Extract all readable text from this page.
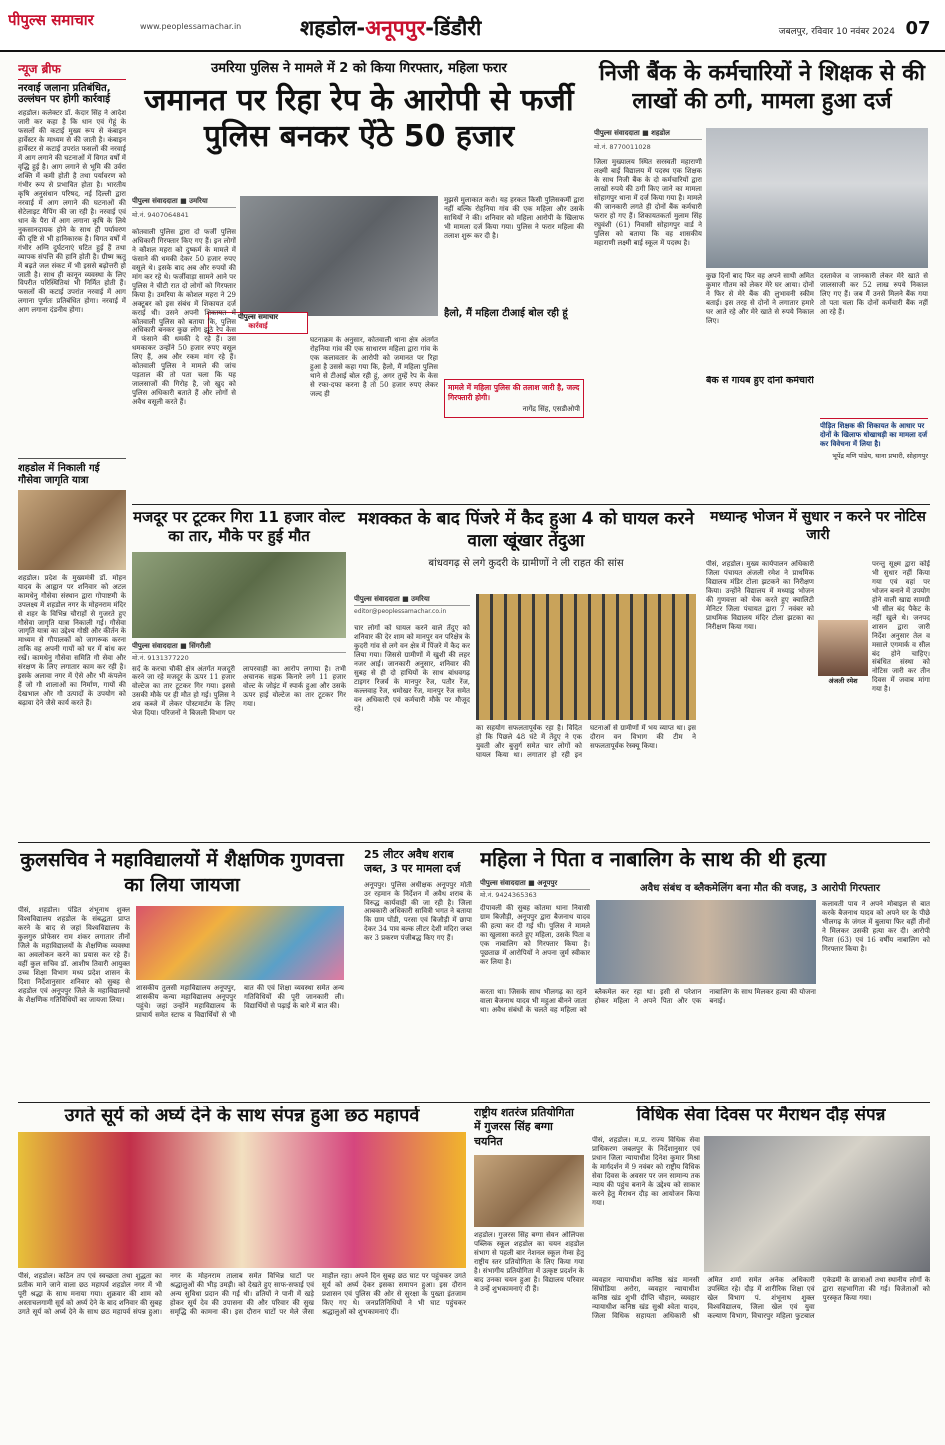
पीपुल्स समाचार	www.peoplessamachar.in	शहडोल-अनूपपुर-डिंडौरी	जबलपुर, रविवार 10 नवंबर 2024 07
न्यूज ब्रीफ
नरवाई जलाना प्रतिबंधित, उल्लंघन पर होगी कार्रवाई
शहडोल। कलेक्टर डॉ. केदार सिंह ने आदेश जारी कर कहा है कि धान एवं गेहूं के फसलों की कटाई मुख्य रूप से कंबाइन हार्वेस्टर के माध्यम से की जाती है। कंबाइन हार्वेस्टर से कटाई उपरांत फसलों की नरवाई में आग लगाने की घटनाओं में विगत वर्षों में वृद्धि हुई है। आग लगाने से भूमि की उर्वरा शक्ति में कमी होती है तथा पर्यावरण को गंभीर रूप से प्रभावित होता है। भारतीय कृषि अनुसंधान परिषद, नई दिल्ली द्वारा नरवाई में आग लगाने की घटनाओं की सेटेलाइट मैपिंग की जा रही है। नरवाई एवं धान के पैरा में आग लगाना कृषि के लिये नुकसानदायक होने के साथ ही पर्यावरण की दृष्टि से भी हानिकारक है। विगत वर्षों में गंभीर अग्नि दुर्घटनाएं घटित हुई हैं तथा व्यापक संपत्ति की हानि होती है। ग्रीष्म ऋतु में बढ़ते जल संकट में भी इससे बढ़ोत्तरी हो जाती है। साथ ही कानून व्यवस्था के लिए विपरीत परिस्थितियां भी निर्मित होती हैं। फसलों की कटाई उपरांत नरवाई में आग लगाना पूर्णतः प्रतिबंधित होगा। नरवाई में आग लगाना दंडनीय होगा।
शहडोल में निकाली गई गौसेवा जागृति यात्रा
शहडोल। प्रदेश के मुख्यमंत्री डॉ. मोहन यादव के आह्वान पर शनिवार को अटल कामधेनु गौसेवा संस्थान द्वारा गोपाष्टमी के उपलक्ष्य में शहडोल नगर के मोहनराम मंदिर से शहर के विभिन्न चौराहों से गुजरते हुए गौसेवा जागृति यात्रा निकाली गई। गौसेवा जागृति यात्रा का उद्देश्य गोष्ठी और कीर्तन के माध्यम से गौपालकों को जागरूक करना ताकि वह अपनी गायों को घर में बांध कर रखें। कामधेनु गौसेवा समिति गौ सेवा और संरक्षण के लिए लगातार काम कर रही है। इसके अलावा नगर में ऐसे और भी कंपलेन हैं जो गौ शालाओं का निर्माण, गायों की देखभाल और गौ उत्पादों के उपयोग को बढ़ावा देने जैसे कार्य करते हैं।
उमरिया पुलिस ने मामले में 2 को किया गिरफ्तार, महिला फरार
जमानत पर रिहा रेप के आरोपी से फर्जी पुलिस बनकर ऐंठे 50 हजार
पीपुल्स संवाददाता ■ उमरिया
मो.नं. 9407064841
पीपुल्स समाचार
कार्रवाई
कोतवाली पुलिस द्वारा दो फर्जी पुलिस अधिकारी गिरफ्तार किए गए हैं। इन लोगों ने कौशल महरा को दुष्कर्म के मामले में फंसाने की धमकी देकर 50 हजार रुपए वसूले थे। इसके बाद अब और रुपयों की मांग कर रहे थे। फर्जीवाड़ा सामने आने पर पुलिस ने चीटी रात दो लोगों को गिरफ्तार किया है। उमरिया के कोशल महरा ने 29 अक्टूबर को इस संबंध में शिकायत दर्ज कराई थी। उसने अपनी शिकायत में कोतवाली पुलिस को बताया कि, पुलिस अधिकारी बनकर कुछ लोग झूठे रेप केस में फंसाने की धमकी दे रहे हैं। उस धमकाकर उन्होंने 50 हजार रुपए वसूल लिए हैं, अब और रकम मांग रहे हैं। कोतवाली पुलिस ने मामले की जांच पड़ताल की तो पता चला कि यह जालसाजों की गिरोह है, जो खुद को पुलिस अधिकारी बताते हैं और लोगों से अवैध वसूली करते हैं।
घटनाक्रम के अनुसार, कोतवाली थाना क्षेत्र अंतर्गत रोहनिया गांव की एक साधारण महिला द्वारा गांव के एक कलावतार के आरोपी को जमानत पर रिहा हुआ है उससे कहा गया कि, हैलो, मैं महिला पुलिस थाने से टीआई बोल रही हूं, अगर तुम्हें रेप के केस से रफा-दफा करना है तो 50 हजार रुपए लेकर जल्द ही
मुझसे मुलाकात करो। यह हरकत किसी पुलिसकर्मी द्वारा नहीं बल्कि रोहनिया गांव की एक महिला और उसके साथियों ने की। शनिवार को महिला आरोपी के खिलाफ भी मामला दर्ज किया गया। पुलिस ने फरार महिला की तलाश शुरू कर दी है।
हैलो, मैं महिला टीआई बोल रही हूं
मामले में महिला पुलिस की तलाश जारी है, जल्द गिरफ्तारी होगी।
नागेंद्र सिंह, एसडीओपी
निजी बैंक के कर्मचारियों ने शिक्षक से की लाखों की ठगी, मामला हुआ दर्ज
पीपुल्स संवाददाता ■ शहडोल
मो.नं. 8770011028
जिला मुख्यालय स्थित सरस्वती महाराणी लक्ष्मी बाई विद्यालय में पदस्थ एक शिक्षक के साथ निजी बैंक के दो कर्मचारियों द्वारा लाखों रुपये की ठगी किए जाने का मामला सोहागपुर थाना में दर्ज किया गया है। मामले की जानकारी लगते ही दोनों बैंक कर्मचारी फरार हो गए हैं। शिकायतकर्ता मुलाम सिंह रघुवंशी (61) निवासी सोहागपुर वार्ड ने पुलिस को बताया कि वह शासकीय महाराणी लक्ष्मी बाई स्कूल में पदस्थ है।
कुछ दिनों बाद फिर वह अपने साथी अमित कुमार गौतम को लेकर मेरे घर आया। दोनों ने फिर से मेरे बैंक की लुभावनी स्कीम बताई। इस तरह से दोनों ने लगातार हमारे घर आते रहे और मेरे खाते से रुपये निकाल लिए।
बैंक से गायब हुए दोनों कर्मचारी
दस्तावेज व जानकारी लेकर मेरे खाते से जालसाजी कर 52 लाख रुपये निकाल लिए गए हैं। जब मैं उनसे मिलने बैंक गया तो पता चला कि दोनों कर्मचारी बैंक नहीं आ रहे हैं।
पीड़ित शिक्षक की शिकायत के आधार पर दोनों के खिलाफ धोखाधड़ी का मामला दर्ज कर विवेचना में लिया है।
भूपेंद्र मणि पांडेय, थाना प्रभारी, सोहागपुर
मजदूर पर टूटकर गिरा 11 हजार वोल्ट का तार, मौके पर हुई मौत
पीपुल्स संवाददाता ■ सिंगरौली
मो.नं. 9131377220
सर्द के करचा चौकी क्षेत्र अंतर्गत मजदूरी करने जा रहे मजदूर के ऊपर 11 हजार वोल्टेज का तार टूटकर गिर गया। इससे उसकी मौके पर ही मौत हो गई। पुलिस ने शव कब्जे में लेकर पोस्टमार्टम के लिए भेज दिया। परिजनों ने बिजली विभाग पर लापरवाही का आरोप लगाया है। तभी अचानक सड़क किनारे लगे 11 हजार वोल्ट के जोइंट में स्पार्क हुआ और उसके ऊपर हाई वोल्टेज का तार टूटकर गिर गया।
मशक्कत के बाद पिंजरे में कैद हुआ 4 को घायल करने वाला खूंखार तेंदुआ
बांधवगढ़ से लगे कुदरी के ग्रामीणों ने ली राहत की सांस
पीपुल्स संवाददाता ■ उमरिया
editor@peoplessamachar.co.in
चार लोगों को घायल करने वाले तेंदुए को शनिवार की देर शाम को मानपुर वन परिक्षेत्र के कुदरी गांव से लगे वन क्षेत्र में पिंजरे में कैद कर लिया गया। जिससे ग्रामीणों में खुशी की लहर नजर आई। जानकारी अनुसार, शनिवार की सुबह से ही दो हाथियों के साथ बांधवगढ़ टाइगर रिजर्व के मानपुर रेंज, पतौर रेंज, कल्लवाह रेंज, धमोखर रेंज, मानपुर रेंज समेत वन अधिकारी एवं कर्मचारी मौके पर मौजूद रहे।
का सहयोग सफलतापूर्वक रहा है। विदित हो कि पिछले 48 घंटे में तेंदुए ने एक युवती और बुजुर्ग समेत चार लोगों को घायल किया था। लगातार हो रही इन घटनाओं से ग्रामीणों में भय व्याप्त था। इस दौरान वन विभाग की टीम ने सफलतापूर्वक रेस्क्यू किया।
मध्यान्ह भोजन में सुधार न करने पर नोटिस जारी
पीसं, शहडोल। मुख्य कार्यपालन अधिकारी जिला पंचायत अंजली रमेश ने प्राथमिक विद्यालय मंडिर टोला झटकने का निरीक्षण किया। उन्होंने विद्यालय में मध्याह्न भोजन की गुणवत्ता को चेक करते हुए क्वालिटी मेनिटर जिला पंचायत द्वारा 7 नवंबर को प्राथमिक विद्यालय मंदिर टोला झटका का निरीक्षण किया गया।
अंजली रमेश
परन्तु सूक्ष्म द्वारा कोई भी सुधार नहीं किया गया एवं वहां पर भोजन बनाने में उपयोग होने वाली खाद्य सामग्री भी सील बंद पैकेट के नहीं खुले थे। जनपद शासन द्वारा जारी निर्देश अनुसार तेल व मसाले एगमार्क व सील बंद होने चाहिए। संबंधित संस्था को नोटिस जारी कर तीन दिवस में जवाब मांगा गया है।
कुलसचिव ने महाविद्यालयों में शैक्षणिक गुणवत्ता का लिया जायजा
पीसं, शहडोल। पंडित शंभूनाथ शुक्ल विश्वविद्यालय शहडोल के संबद्धता प्राप्त करने के बाद से जहां विश्वविद्यालय के कुलगुरु प्रोफेसर राम शंकर लगातार तीनों जिले के महाविद्यालयों के शैक्षणिक व्यवस्था का अवलोकन करने का प्रयास कर रहे हैं। वहीं कुल सचिव डॉ. आशीष तिवारी आयुक्त उच्च शिक्षा विभाग मध्य प्रदेश शासन के दिशा निर्देशानुसार शनिवार को सुबह से शहडोल एवं अनूपपुर जिले के महाविद्यालयों के शैक्षणिक गतिविधियों का जायजा लिया।
शासकीय तुलसी महाविद्यालय अनूपपुर, शासकीय कन्या महाविद्यालय अनूपपुर पहुंचे। जहां उन्होंने महाविद्यालय के प्राचार्य समेत स्टाफ व विद्यार्थियों से भी बात की एवं शिक्षा व्यवस्था समेत अन्य गतिविधियों की पूरी जानकारी ली। विद्यार्थियों से पढ़ाई के बारे में बात की।
25 लीटर अवैध शराब जब्त, 3 पर मामला दर्ज
अनूपपुर। पुलिस अधीक्षक अनूपपुर मोती उर रहमान के निर्देशन में अवैध शराब के विरुद्ध कार्यवाही की जा रही है। जिला आबकारी अधिकारी सावित्री भगत ने बताया कि ग्राम पोंडी, परसा एवं बिजौड़ी में छापा देकर 34 पाव बल्क लीटर देशी मदिरा जब्त कर 3 प्रकरण पंजीबद्ध किए गए हैं।
महिला ने पिता व नाबालिग के साथ की थी हत्या
पीपुल्स संवाददाता ■ अनूपपुर
मो.नं. 9424365363
अवैध संबंध व ब्लैकमेलिंग बना मौत की वजह, 3 आरोपी गिरफ्तार
दीपावली की सुबह कोतमा थाना निवासी ग्राम बिजौड़ी, अनूपपुर द्वारा बैजनाथ यादव की हत्या कर दी गई थी। पुलिस ने मामले का खुलासा करते हुए महिला, उसके पिता व एक नाबालिग को गिरफ्तार किया है। पूछताछ में आरोपियों ने अपना जुर्म स्वीकार कर लिया है।
करता था। जिसके साथ भीलगढ़ का रहने वाला बैजनाथ यादव भी महुआ बीनने जाता था। अवैध संबंधों के चलते वह महिला को ब्लैकमेल कर रहा था। इसी से परेशान होकर महिला ने अपने पिता और एक नाबालिग के साथ मिलकर हत्या की योजना बनाई।
कलावती पाव ने अपने मोबाइल से बात करके बैजनाथ यादव को अपने घर के पीछे भीलगढ़ के जंगल में बुलाया फिर वहीं तीनों ने मिलकर उसकी हत्या कर दी। आरोपी पिता (63) एवं 16 वर्षीय नाबालिग को गिरफ्तार किया है।
उगते सूर्य को अर्घ्य देने के साथ संपन्न हुआ छठ महापर्व
पीसं, शहडोल। कठिन तप एवं स्वच्छता तथा शुद्धता का प्रतीक माने जाने वाला छठ महापर्व शहडोल नगर में भी पूरी श्रद्धा के साथ मनाया गया। शुक्रवार की शाम को अस्ताचलगामी सूर्य को अर्घ्य देने के बाद शनिवार की सुबह उगते सूर्य को अर्घ्य देने के साथ छठ महापर्व संपन्न हुआ। नगर के मोहनराम तालाब समेत विभिन्न घाटों पर श्रद्धालुओं की भीड़ उमड़ी। को देखते हुए साफ-सफाई एवं अन्य सुविधा प्रदान की गई थी। व्रतियों ने पानी में खड़े होकर सूर्य देव की उपासना की और परिवार की सुख समृद्धि की कामना की। इस दौरान घाटों पर मेले जैसा माहौल रहा। अपने दिन सुबह छठ घाट पर पहुंचकर उगते सूर्य को अर्घ्य देकर इसका समापन हुआ। इस दौरान प्रशासन एवं पुलिस की ओर से सुरक्षा के पुख्ता इंतजाम किए गए थे। जनप्रतिनिधियों ने भी घाट पहुंचकर श्रद्धालुओं को शुभकामनाएं दीं।
राष्ट्रीय शतरंज प्रतियोगिता में गुजरस सिंह बग्गा चयनित
शहडोल। गुजरस सिंह बग्गा सेवन ओलिंपस पब्लिक स्कूल शहडोल का चयन शहडोल संभाग से पहली बार नेशनल स्कूल गेम्स हेतु राष्ट्रीय स्तर प्रतियोगिता के लिए किया गया है। संभागीय प्रतियोगिता में उत्कृष्ट प्रदर्शन के बाद उनका चयन हुआ है। विद्यालय परिवार ने उन्हें शुभकामनाएं दी हैं।
विधिक सेवा दिवस पर मैराथन दौड़ संपन्न
पीसं, शहडोल। म.प्र. राज्य विधिक सेवा प्राधिकरण जबलपुर के निर्देशानुसार एवं प्रधान जिला न्यायाधीश दिनेश कुमार मिश्रा के मार्गदर्शन में 9 नवंबर को राष्ट्रीय विधिक सेवा दिवस के अवसर पर जन सामान्य तक न्याय की पहुंच बनाने के उद्देश्य को साकार करने हेतु मैराथन दौड़ का आयोजन किया गया।
व्यवहार न्यायाधीश कनिष्ठ खंड मानसी सिंघोडिया अरोरा, व्यवहार न्यायाधीश कनिष्ठ खंड शुभी दीप्ति चौहान, व्यवहार न्यायाधीश कनिष्ठ खंड सुश्री श्वेता यादव, जिला विधिक सहायता अधिकारी श्री अमित शर्मा समेत अनेक अधिकारी उपस्थित रहे। दौड़ में शारीरिक शिक्षा एवं खेल विभाग पं. शंभूनाथ शुक्ल विश्वविद्यालय, जिला खेल एवं युवा कल्याण विभाग, विचारपुर महिला फुटबाल एकेडमी के छात्राओं तथा स्थानीय लोगों के द्वारा सहभागिता की गई। विजेताओं को पुरस्कृत किया गया।
